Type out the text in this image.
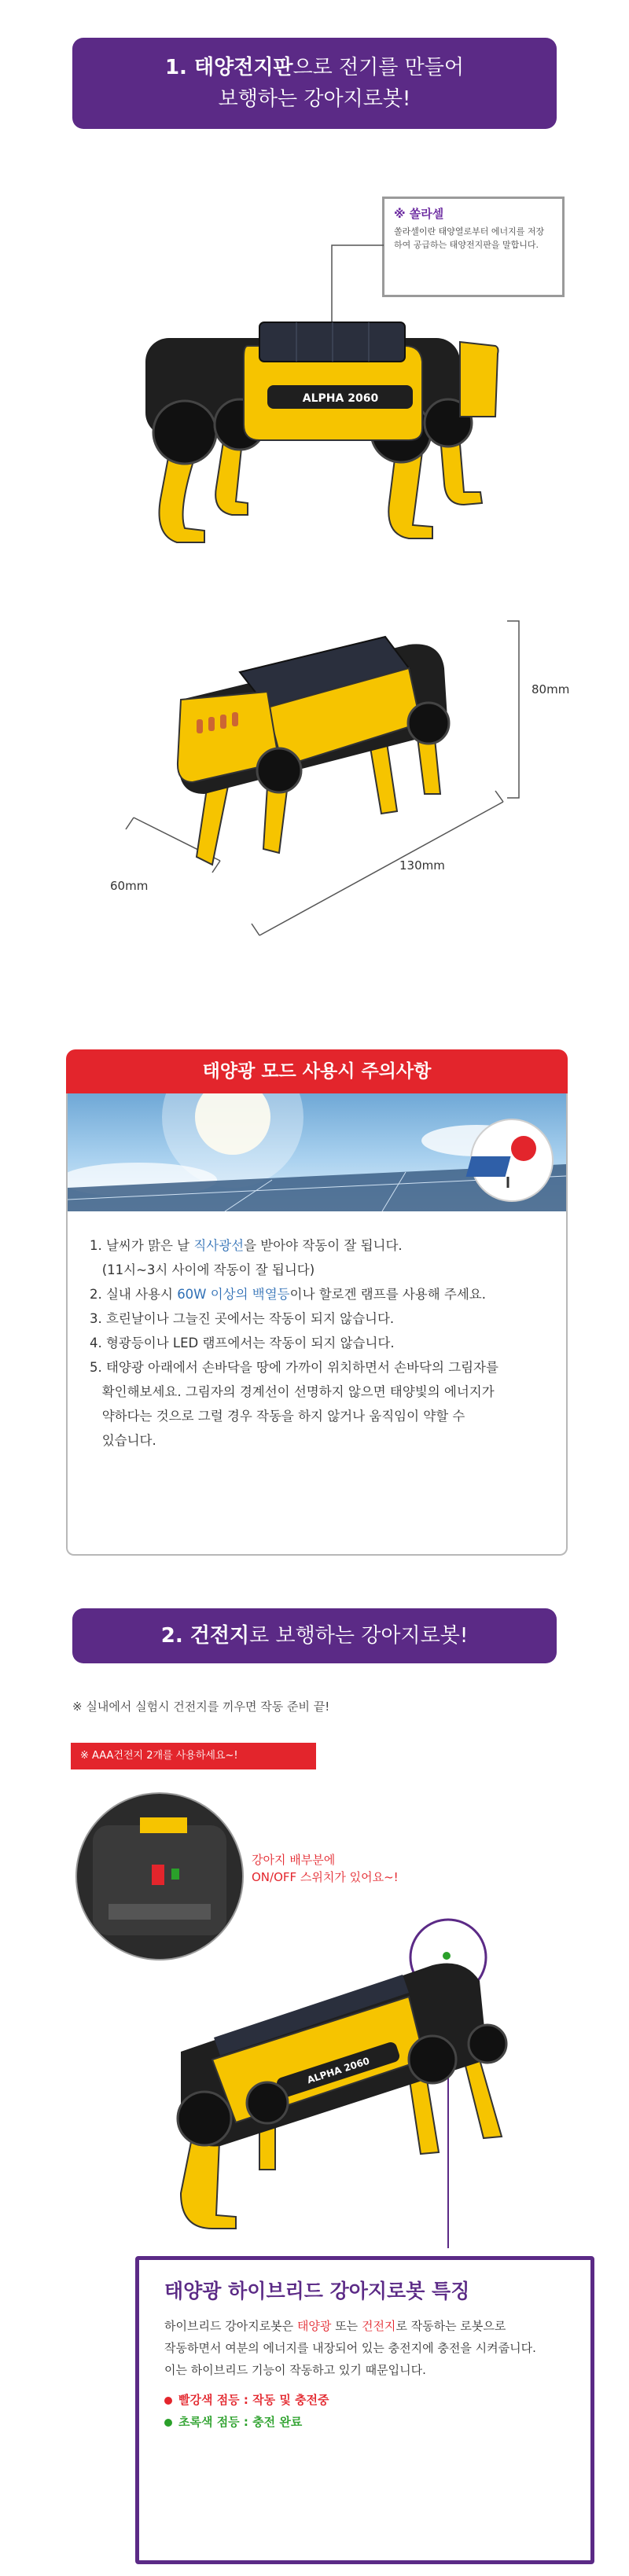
1. 태양전지판으로 전기를 만들어
보행하는 강아지로봇!
※ 쏠라셀
쏠라셀이란 태양열로부터 에너지를 저장하여 공급하는 태양전지판을 말합니다.
ALPHA 2060
80mm
130mm
60mm
태양광 모드 사용시 주의사항
1. 날씨가 맑은 날 직사광선을 받아야 작동이 잘 됩니다.
(11시~3시 사이에 작동이 잘 됩니다)
2. 실내 사용시 60W 이상의 백열등이나 할로겐 램프를 사용해 주세요.
3. 흐린날이나 그늘진 곳에서는 작동이 되지 않습니다.
4. 형광등이나 LED 램프에서는 작동이 되지 않습니다.
5. 태양광 아래에서 손바닥을 땅에 가까이 위치하면서 손바닥의 그림자를
확인해보세요. 그림자의 경계선이 선명하지 않으면 태양빛의 에너지가
약하다는 것으로 그럴 경우 작동을 하지 않거나 움직임이 약할 수
있습니다.
2. 건전지로 보행하는 강아지로봇!
※ 실내에서 실험시 건전지를 끼우면 작동 준비 끝!
※ AAA건전지 2개를 사용하세요~!
강아지 배부분에
ON/OFF 스위치가 있어요~!
ALPHA 2060
태양광 하이브리드 강아지로봇 특징
하이브리드 강아지로봇은 태양광 또는 건전지로 작동하는 로봇으로
작동하면서 여분의 에너지를 내장되어 있는 충전지에 충전을 시켜줍니다.
이는 하이브리드 기능이 작동하고 있기 때문입니다.
빨강색 점등 : 작동 및 충전중
초록색 점등 : 충전 완료
